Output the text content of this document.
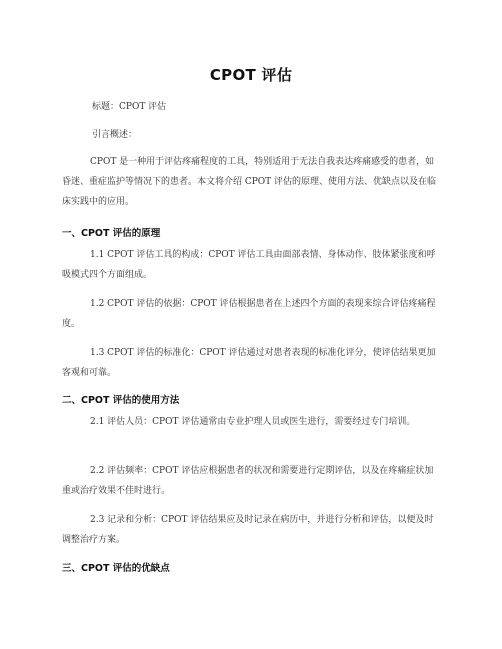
CPOT 评估
标题：CPOT 评估
引言概述：
CPOT 是一种用于评估疼痛程度的工具，特别适用于无法自我表达疼痛感受的患者，如昏迷、重症监护等情况下的患者。本文将介绍 CPOT 评估的原理、使用方法、优缺点以及在临床实践中的应用。
一、CPOT 评估的原理
1.1 CPOT 评估工具的构成：CPOT 评估工具由面部表情、身体动作、肢体紧张度和呼吸模式四个方面组成。
1.2 CPOT 评估的依据：CPOT 评估根据患者在上述四个方面的表现来综合评估疼痛程度。
1.3 CPOT 评估的标准化：CPOT 评估通过对患者表现的标准化评分，使评估结果更加客观和可靠。
二、CPOT 评估的使用方法
2.1 评估人员：CPOT 评估通常由专业护理人员或医生进行，需要经过专门培训。
2.2 评估频率：CPOT 评估应根据患者的状况和需要进行定期评估，以及在疼痛症状加重或治疗效果不佳时进行。
2.3 记录和分析：CPOT 评估结果应及时记录在病历中，并进行分析和评估，以便及时调整治疗方案。
三、CPOT 评估的优缺点
